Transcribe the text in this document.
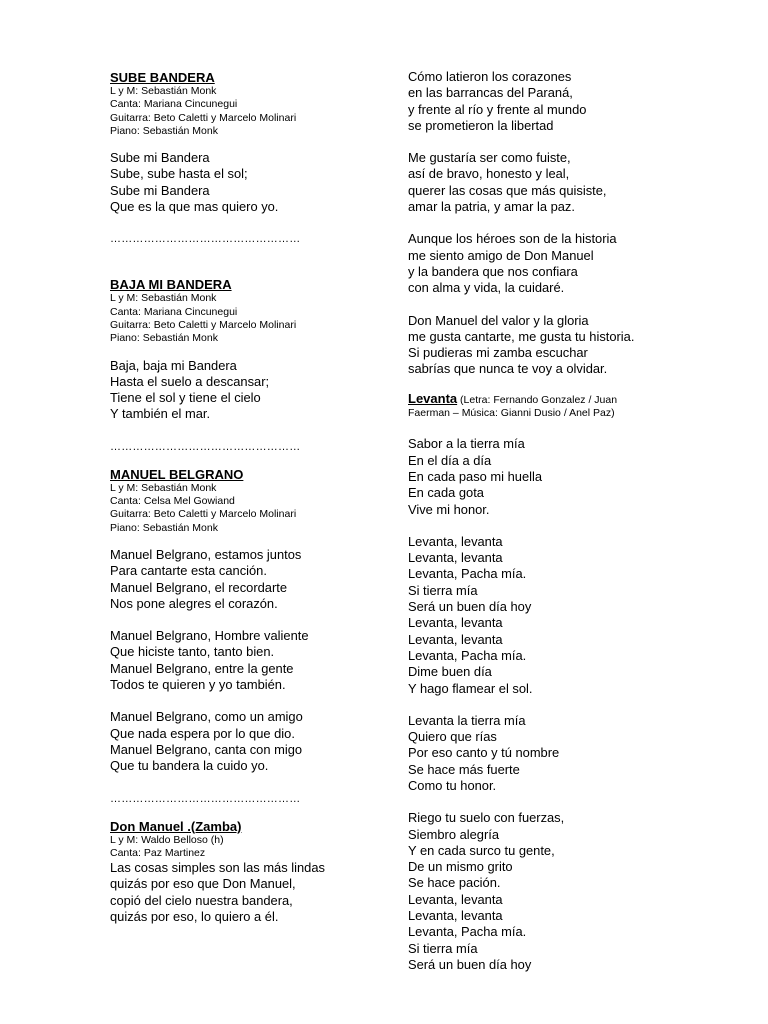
SUBE BANDERA

L y M: Sebastián Monk
Canta: Mariana Cincunegui
Guitarra: Beto Caletti y Marcelo Molinari
Piano: Sebastián Monk

Sube mi Bandera
Sube, sube hasta el sol;
Sube mi Bandera
Que es la que mas quiero yo.

……………………………………………

BAJA MI BANDERA

L y M: Sebastián Monk
Canta: Mariana Cincunegui
Guitarra: Beto Caletti y Marcelo Molinari
Piano: Sebastián Monk

Baja, baja mi Bandera
Hasta el suelo a descansar;
Tiene el sol y tiene el cielo
Y también el mar.

……………………………………………

MANUEL BELGRANO

L y M: Sebastián Monk
Canta: Celsa Mel Gowiand
Guitarra: Beto Caletti y Marcelo Molinari
Piano: Sebastián Monk

Manuel Belgrano, estamos juntos
Para cantarte esta canción.
Manuel Belgrano, el recordarte
Nos pone alegres el corazón.

Manuel Belgrano, Hombre valiente
Que hiciste tanto, tanto bien.
Manuel Belgrano, entre la gente
Todos te quieren y yo también.

Manuel Belgrano, como un amigo
Que nada espera por lo que dio.
Manuel Belgrano, canta con migo
Que tu bandera la cuido yo.

……………………………………………

Don Manuel .(Zamba)

L y M: Waldo Belloso (h)
Canta: Paz Martinez

Las cosas simples son las más lindas
quizás por eso que Don Manuel,
copió del cielo nuestra bandera,
quizás por eso, lo quiero a él.

Cómo latieron los corazones
en las barrancas del Paraná,
y frente al río y frente al mundo
se prometieron la libertad

Me gustaría ser como fuiste,
así de bravo, honesto y leal,
querer las cosas que más quisiste,
amar la patria, y amar la paz.

Aunque los héroes son de la historia
me siento amigo de Don Manuel
y la bandera que nos confiara
con alma y vida, la cuidaré.

Don Manuel del valor y la gloria
me gusta cantarte, me gusta tu historia.
Si pudieras mi zamba escuchar
sabrías que nunca te voy a olvidar.

Levanta (Letra: Fernando Gonzalez / Juan
Faerman – Música: Gianni Dusio / Anel Paz)

Sabor a la tierra mía
En el día a día
En cada paso mi huella
En cada gota
Vive mi honor.

Levanta, levanta
Levanta, levanta
Levanta, Pacha mía.
Si tierra mía
Será un buen día hoy
Levanta, levanta
Levanta, levanta
Levanta, Pacha mía.
Dime buen día
Y hago flamear el sol.

Levanta la tierra mía
Quiero que rías
Por eso canto y tú nombre
Se hace más fuerte
Como tu honor.

Riego tu suelo con fuerzas,
Siembro alegría
Y en cada surco tu gente,
De un mismo grito
Se hace pación.
Levanta, levanta
Levanta, levanta
Levanta, Pacha mía.
Si tierra mía
Será un buen día hoy
